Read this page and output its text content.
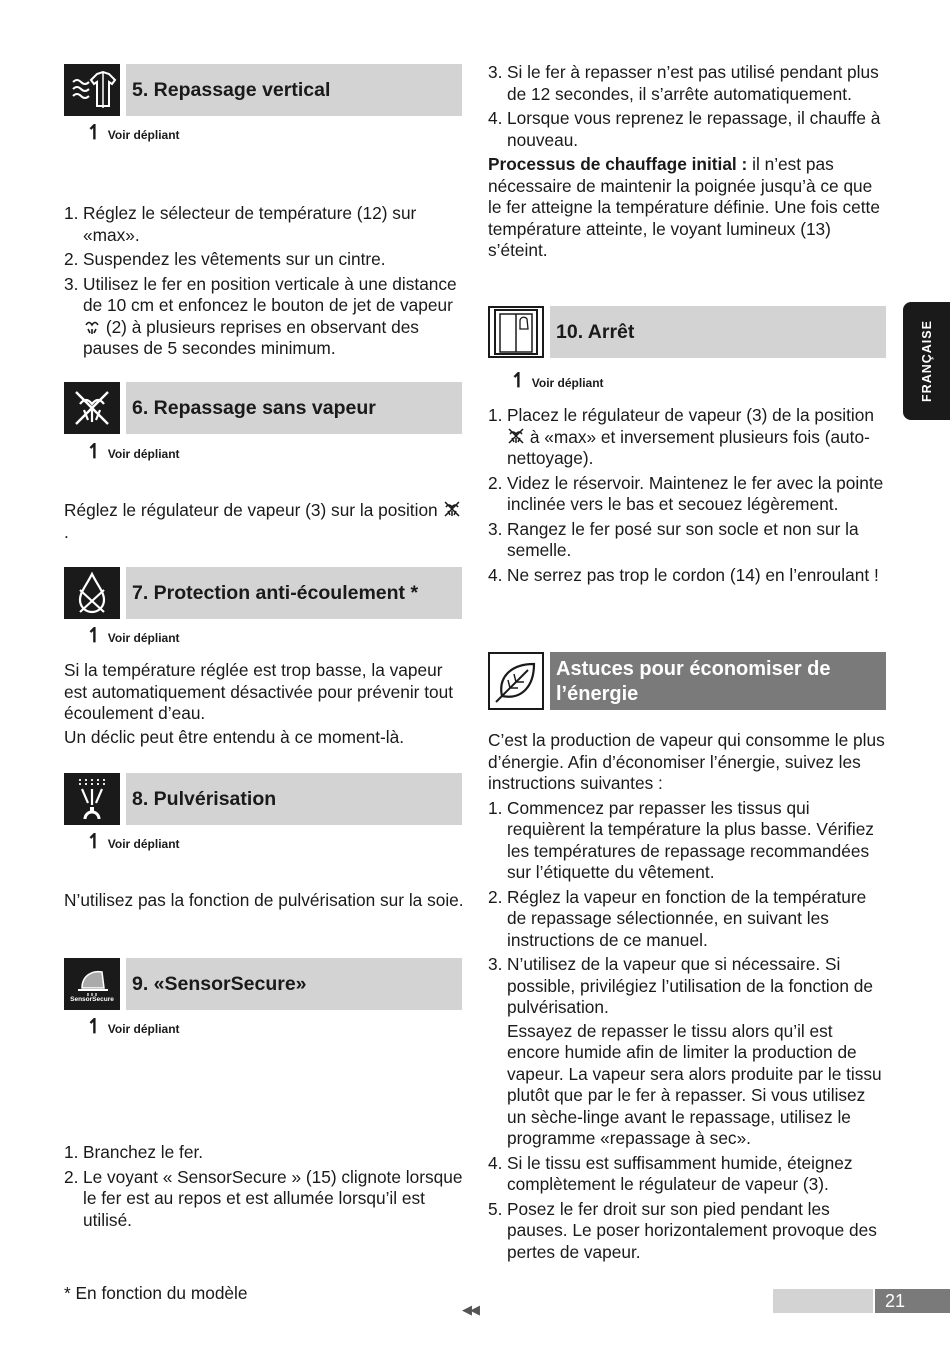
5. Repassage vertical
↿ Voir dépliant
1. Réglez le sélecteur de température (12) sur «max».
2. Suspendez les vêtements sur un cintre.
3. Utilisez le fer en position verticale à une distance de 10 cm et enfoncez le bouton de jet de vapeur  (2) à plusieurs reprises en observant des pauses de 5 secondes minimum.
6. Repassage sans vapeur
↿ Voir dépliant

Réglez le régulateur de vapeur (3) sur la position .

7. Protection anti-écoulement *
↿ Voir dépliant

Si la température réglée est trop basse, la vapeur est automatiquement désactivée pour prévenir tout écoulement d’eau.

Un déclic peut être entendu à ce moment-là.

8. Pulvérisation
↿ Voir dépliant

N’utilisez pas la fonction de pulvérisation sur la soie.

SensorSecure
9. «SensorSecure»
↿ Voir dépliant
1. Branchez le fer.
2. Le voyant « SensorSecure » (15) clignote lorsque le fer est au repos et est allumée lorsqu’il est utilisé.
3. Si le fer à repasser n’est pas utilisé pendant plus de 12 secondes, il s’arrête automatiquement.
4. Lorsque vous reprenez le repassage, il chauffe à nouveau.

Processus de chauffage initial : il n’est pas nécessaire de maintenir la poignée jusqu’à ce que le fer atteigne la température définie. Une fois cette température atteinte, le voyant lumineux (13) s’éteint.

10. Arrêt
↿ Voir dépliant
1. Placez le régulateur de vapeur (3) de la position  à «max» et inversement plusieurs fois (auto-nettoyage).
2. Videz le réservoir. Maintenez le fer avec la pointe inclinée vers le bas et secouez légèrement.
3. Rangez le fer posé sur son socle et non sur la semelle.
4. Ne serrez pas trop le cordon (14) en l’enroulant !
Astuces pour économiser de l’énergie

C’est la production de vapeur qui consomme le plus d’énergie. Afin d’économiser l’énergie, suivez les instructions suivantes :

1. Commencez par repasser les tissus qui requièrent la température la plus basse. Vérifiez les températures de repassage recommandées sur l’étiquette du vêtement.
2. Réglez la vapeur en fonction de la température de repassage sélectionnée, en suivant les instructions de ce manuel.
3. N’utilisez de la vapeur que si nécessaire. Si possible, privilégiez l’utilisation de la fonction de pulvérisation.
Essayez de repasser le tissu alors qu’il est encore humide afin de limiter la production de vapeur. La vapeur sera alors produite par le tissu plutôt que par le fer à repasser. Si vous utilisez un sèche-linge avant le repassage, utilisez le programme «repassage à sec».
4. Si le tissu est suffisamment humide, éteignez complètement le régulateur de vapeur (3).
5. Posez le fer droit sur son pied pendant les pauses. Le poser horizontalement provoque des pertes de vapeur.
FRANÇAISE
* En fonction du modèle
◀◀	21
